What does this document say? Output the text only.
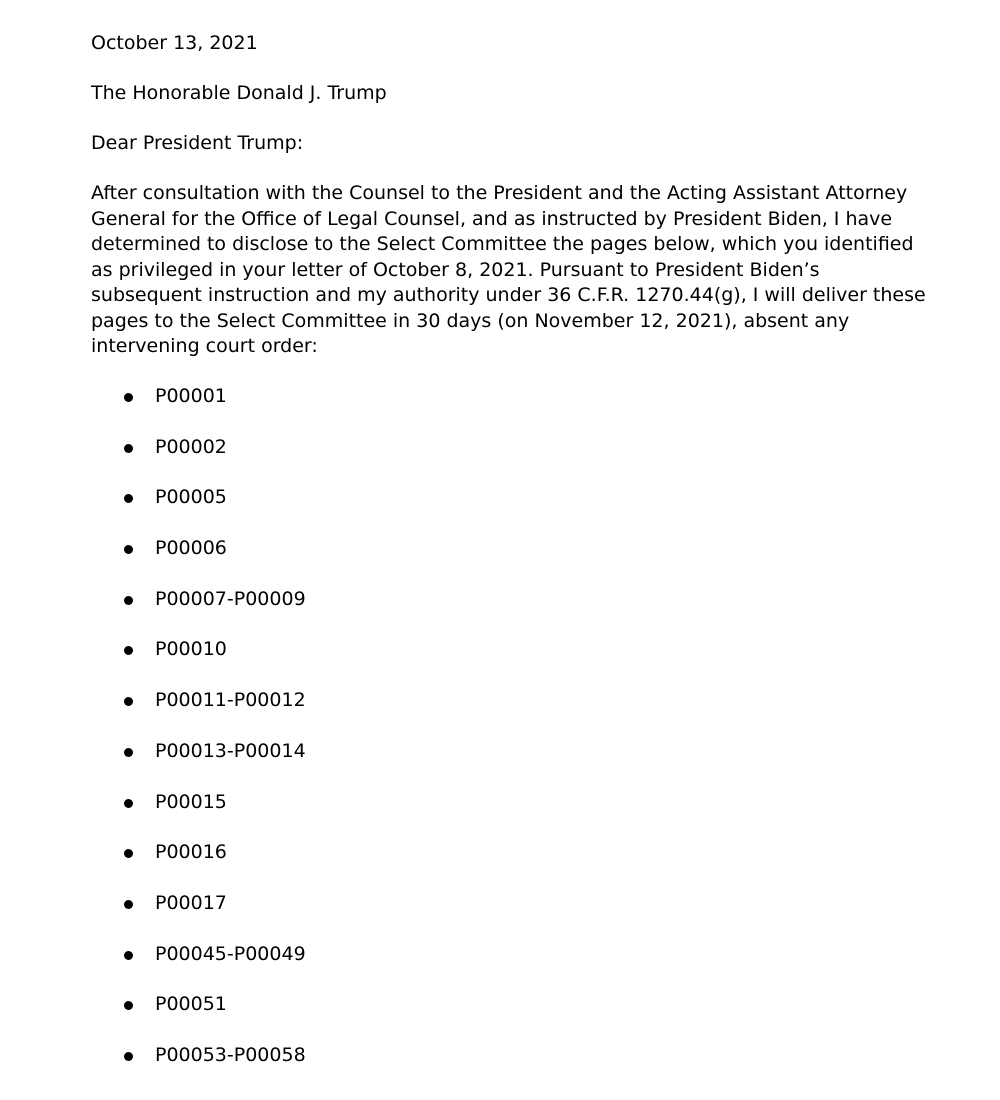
October 13, 2021

The Honorable Donald J. Trump

Dear President Trump:

After consultation with the Counsel to the President and the Acting Assistant Attorney
General for the Office of Legal Counsel, and as instructed by President Biden, I have
determined to disclose to the Select Committee the pages below, which you identified
as privileged in your letter of October 8, 2021. Pursuant to President Biden’s
subsequent instruction and my authority under 36 C.F.R. 1270.44(g), I will deliver these
pages to the Select Committee in 30 days (on November 12, 2021), absent any
intervening court order:

P00001
P00002
P00005
P00006
P00007-P00009
P00010
P00011-P00012
P00013-P00014
P00015
P00016
P00017
P00045-P00049
P00051
P00053-P00058
